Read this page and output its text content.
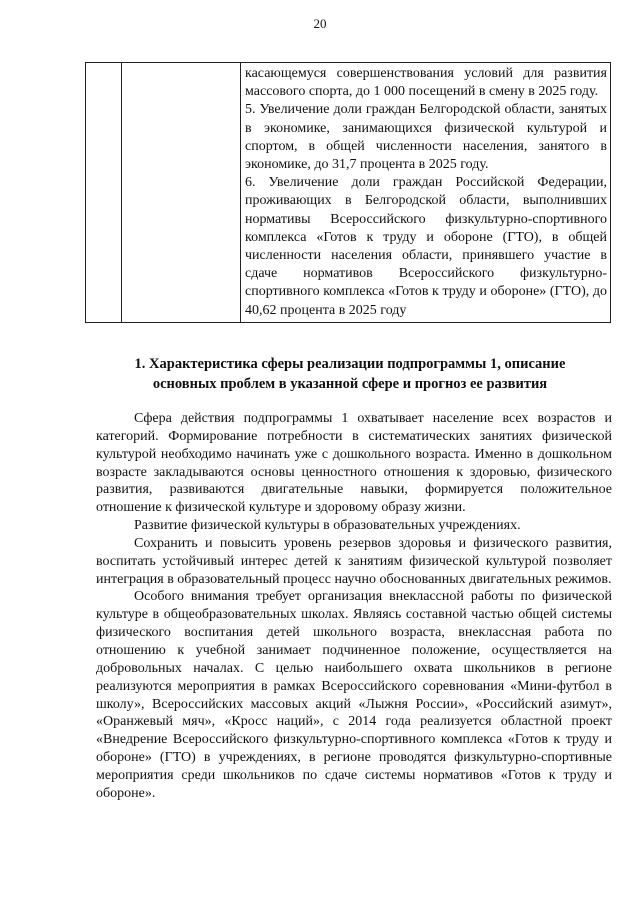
20

касающемуся совершенствования условий для развития массового спорта, до 1 000 посещений в смену в 2025 году.

5. Увеличение доли граждан Белгородской области, занятых в экономике, занимающихся физической культурой и спортом, в общей численности населения, занятого в экономике, до 31,7 процента в 2025 году.

6. Увеличение доли граждан Российской Федерации, проживающих в Белгородской области, выполнивших нормативы Всероссийского физкультурно-спортивного комплекса «Готов к труду и обороне (ГТО), в общей численности населения области, принявшего участие в сдаче нормативов Всероссийского физкультурно-спортивного комплекса «Готов к труду и обороне» (ГТО), до 40,62 процента в 2025 году

1. Характеристика сферы реализации подпрограммы 1, описание
основных проблем в указанной сфере и прогноз ее развития

Сфера действия подпрограммы 1 охватывает население всех возрастов и категорий. Формирование потребности в систематических занятиях физической культурой необходимо начинать уже с дошкольного возраста. Именно в дошкольном возрасте закладываются основы ценностного отношения к здоровью, физического развития, развиваются двигательные навыки, формируется положительное отношение к физической культуре и здоровому образу жизни.

Развитие физической культуры в образовательных учреждениях.

Сохранить и повысить уровень резервов здоровья и физического развития, воспитать устойчивый интерес детей к занятиям физической культурой позволяет интеграция в образовательный процесс научно обоснованных двигательных режимов.

Особого внимания требует организация внеклассной работы по физической культуре в общеобразовательных школах. Являясь составной частью общей системы физического воспитания детей школьного возраста, внеклассная работа по отношению к учебной занимает подчиненное положение, осуществляется на добровольных началах. С целью наибольшего охвата школьников в регионе реализуются мероприятия в рамках Всероссийского соревнования «Мини-футбол в школу», Всероссийских массовых акций «Лыжня России», «Российский азимут», «Оранжевый мяч», «Кросс наций», с 2014 года реализуется областной проект «Внедрение Всероссийского физкультурно-спортивного комплекса «Готов к труду и обороне» (ГТО) в учреждениях, в регионе проводятся физкультурно-спортивные мероприятия среди школьников по сдаче системы нормативов «Готов к труду и обороне».
